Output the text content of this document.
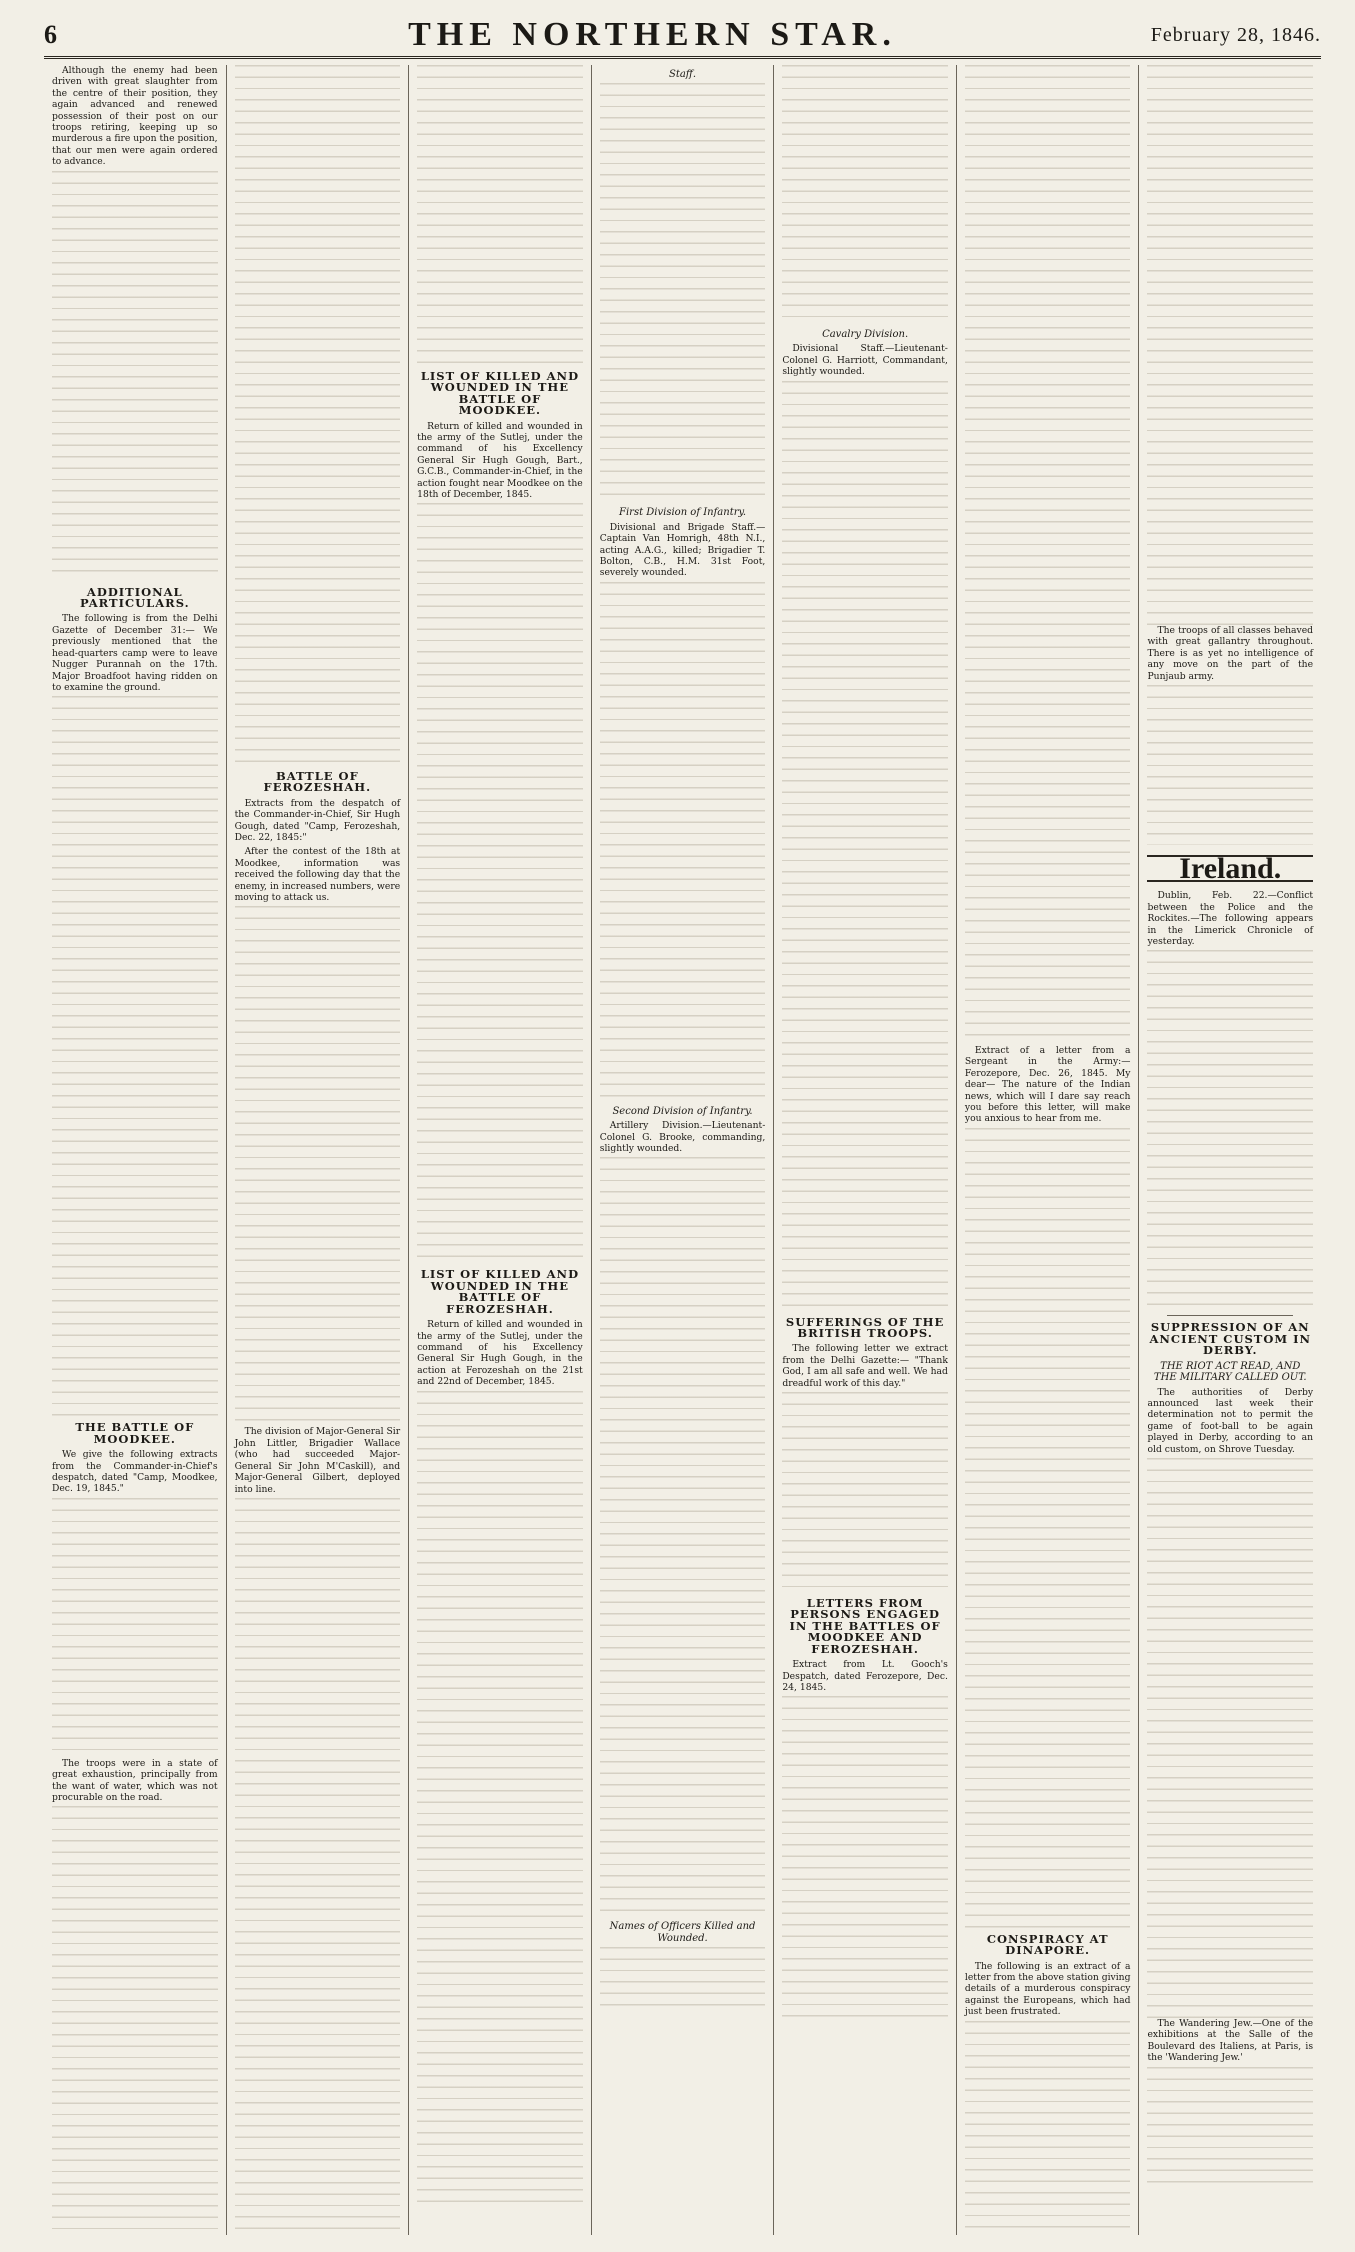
6	THE NORTHERN STAR.	February 28, 1846.

Although the enemy had been driven with great slaughter from the centre of their position, they again advanced and renewed possession of their post on our troops retiring, keeping up so murderous a fire upon the position, that our men were again ordered to advance.

ADDITIONAL PARTICULARS.

The following is from the Delhi Gazette of December 31:— We previously mentioned that the head-quarters camp were to leave Nugger Purannah on the 17th. Major Broadfoot having ridden on to examine the ground.

THE BATTLE OF MOODKEE.

We give the following extracts from the Commander-in-Chief's despatch, dated "Camp, Moodkee, Dec. 19, 1845."

The troops were in a state of great exhaustion, principally from the want of water, which was not procurable on the road.

BATTLE OF FEROZESHAH.

Extracts from the despatch of the Commander-in-Chief, Sir Hugh Gough, dated "Camp, Ferozeshah, Dec. 22, 1845:"

After the contest of the 18th at Moodkee, information was received the following day that the enemy, in increased numbers, were moving to attack us.

The division of Major-General Sir John Littler, Brigadier Wallace (who had succeeded Major-General Sir John M'Caskill), and Major-General Gilbert, deployed into line.

LIST OF KILLED AND WOUNDED IN THE BATTLE OF MOODKEE.

Return of killed and wounded in the army of the Sutlej, under the command of his Excellency General Sir Hugh Gough, Bart., G.C.B., Commander-in-Chief, in the action fought near Moodkee on the 18th of December, 1845.

LIST OF KILLED AND WOUNDED IN THE BATTLE OF FEROZESHAH.

Return of killed and wounded in the army of the Sutlej, under the command of his Excellency General Sir Hugh Gough, in the action at Ferozeshah on the 21st and 22nd of December, 1845.

Staff.
First Division of Infantry.

Divisional and Brigade Staff.—Captain Van Homrigh, 48th N.I., acting A.A.G., killed; Brigadier T. Bolton, C.B., H.M. 31st Foot, severely wounded.

Second Division of Infantry.

Artillery Division.—Lieutenant-Colonel G. Brooke, commanding, slightly wounded.

Names of Officers Killed and Wounded.
Cavalry Division.

Divisional Staff.—Lieutenant-Colonel G. Harriott, Commandant, slightly wounded.

SUFFERINGS OF THE BRITISH TROOPS.

The following letter we extract from the Delhi Gazette:— "Thank God, I am all safe and well. We had dreadful work of this day."

LETTERS FROM PERSONS ENGAGED IN THE BATTLES OF MOODKEE AND FEROZESHAH.

Extract from Lt. Gooch's Despatch, dated Ferozepore, Dec. 24, 1845.

Extract of a letter from a Sergeant in the Army:— Ferozepore, Dec. 26, 1845. My dear— The nature of the Indian news, which will I dare say reach you before this letter, will make you anxious to hear from me.

CONSPIRACY AT DINAPORE.

The following is an extract of a letter from the above station giving details of a murderous conspiracy against the Europeans, which had just been frustrated.

The troops of all classes behaved with great gallantry throughout. There is as yet no intelligence of any move on the part of the Punjaub army.

Ireland.

Dublin, Feb. 22.—Conflict between the Police and the Rockites.—The following appears in the Limerick Chronicle of yesterday.

SUPPRESSION OF AN ANCIENT CUSTOM IN DERBY.
THE RIOT ACT READ, AND THE MILITARY CALLED OUT.

The authorities of Derby announced last week their determination not to permit the game of foot-ball to be again played in Derby, according to an old custom, on Shrove Tuesday.

The Wandering Jew.—One of the exhibitions at the Salle of the Boulevard des Italiens, at Paris, is the 'Wandering Jew.'
